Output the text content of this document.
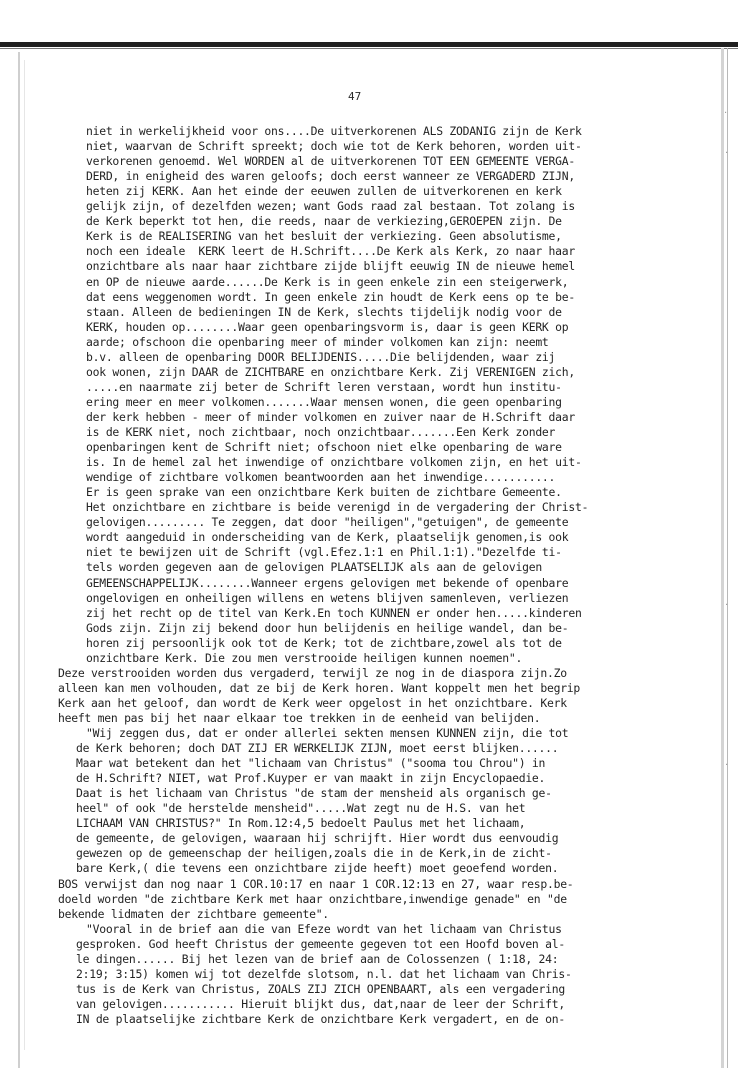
47
niet in werkelijkheid voor ons....De uitverkorenen ALS ZODANIG zijn de Kerk
niet, waarvan de Schrift spreekt; doch wie tot de Kerk behoren, worden uit-
verkorenen genoemd. Wel WORDEN al de uitverkorenen TOT EEN GEMEENTE VERGA-
DERD, in enigheid des waren geloofs; doch eerst wanneer ze VERGADERD ZIJN,
heten zij KERK. Aan het einde der eeuwen zullen de uitverkorenen en kerk
gelijk zijn, of dezelfden wezen; want Gods raad zal bestaan. Tot zolang is
de Kerk beperkt tot hen, die reeds, naar de verkiezing,GEROEPEN zijn. De
Kerk is de REALISERING van het besluit der verkiezing. Geen absolutisme,
noch een ideale  KERK leert de H.Schrift....De Kerk als Kerk, zo naar haar
onzichtbare als naar haar zichtbare zijde blijft eeuwig IN de nieuwe hemel
en OP de nieuwe aarde......De Kerk is in geen enkele zin een steigerwerk,
dat eens weggenomen wordt. In geen enkele zin houdt de Kerk eens op te be-
staan. Alleen de bedieningen IN de Kerk, slechts tijdelijk nodig voor de
KERK, houden op........Waar geen openbaringsvorm is, daar is geen KERK op
aarde; ofschoon die openbaring meer of minder volkomen kan zijn: neemt
b.v. alleen de openbaring DOOR BELIJDENIS.....Die belijdenden, waar zij
ook wonen, zijn DAAR de ZICHTBARE en onzichtbare Kerk. Zij VERENIGEN zich,
.....en naarmate zij beter de Schrift leren verstaan, wordt hun institu-
ering meer en meer volkomen.......Waar mensen wonen, die geen openbaring
der kerk hebben - meer of minder volkomen en zuiver naar de H.Schrift daar
is de KERK niet, noch zichtbaar, noch onzichtbaar.......Een Kerk zonder
openbaringen kent de Schrift niet; ofschoon niet elke openbaring de ware
is. In de hemel zal het inwendige of onzichtbare volkomen zijn, en het uit-
wendige of zichtbare volkomen beantwoorden aan het inwendige...........
Er is geen sprake van een onzichtbare Kerk buiten de zichtbare Gemeente.
Het onzichtbare en zichtbare is beide verenigd in de vergadering der Christ-
gelovigen......... Te zeggen, dat door "heiligen","getuigen", de gemeente
wordt aangeduid in onderscheiding van de Kerk, plaatselijk genomen,is ook
niet te bewijzen uit de Schrift (vgl.Efez.1:1 en Phil.1:1)."Dezelfde ti-
tels worden gegeven aan de gelovigen PLAATSELIJK als aan de gelovigen
GEMEENSCHAPPELIJK........Wanneer ergens gelovigen met bekende of openbare
ongelovigen en onheiligen willens en wetens blijven samenleven, verliezen
zij het recht op de titel van Kerk.En toch KUNNEN er onder hen.....kinderen
Gods zijn. Zijn zij bekend door hun belijdenis en heilige wandel, dan be-
horen zij persoonlijk ook tot de Kerk; tot de zichtbare,zowel als tot de
onzichtbare Kerk. Die zou men verstrooide heiligen kunnen noemen".
Deze verstrooiden worden dus vergaderd, terwijl ze nog in de diaspora zijn.Zo
alleen kan men volhouden, dat ze bij de Kerk horen. Want koppelt men het begrip
Kerk aan het geloof, dan wordt de Kerk weer opgelost in het onzichtbare. Kerk
heeft men pas bij het naar elkaar toe trekken in de eenheid van belijden.
"Wij zeggen dus, dat er onder allerlei sekten mensen KUNNEN zijn, die tot
de Kerk behoren; doch DAT ZIJ ER WERKELIJK ZIJN, moet eerst blijken......
Maar wat betekent dan het "lichaam van Christus" ("sooma tou Chrou") in
de H.Schrift? NIET, wat Prof.Kuyper er van maakt in zijn Encyclopaedie.
Daat is het lichaam van Christus "de stam der mensheid als organisch ge-
heel" of ook "de herstelde mensheid".....Wat zegt nu de H.S. van het
LICHAAM VAN CHRISTUS?" In Rom.12:4,5 bedoelt Paulus met het lichaam,
de gemeente, de gelovigen, waaraan hij schrijft. Hier wordt dus eenvoudig
gewezen op de gemeenschap der heiligen,zoals die in de Kerk,in de zicht-
bare Kerk,( die tevens een onzichtbare zijde heeft) moet geoefend worden.
BOS verwijst dan nog naar 1 COR.10:17 en naar 1 COR.12:13 en 27, waar resp.be-
doeld worden "de zichtbare Kerk met haar onzichtbare,inwendige genade" en "de
bekende lidmaten der zichtbare gemeente".
"Vooral in de brief aan die van Efeze wordt van het lichaam van Christus
gesproken. God heeft Christus der gemeente gegeven tot een Hoofd boven al-
le dingen...... Bij het lezen van de brief aan de Colossenzen ( 1:18, 24:
2:19; 3:15) komen wij tot dezelfde slotsom, n.l. dat het lichaam van Chris-
tus is de Kerk van Christus, ZOALS ZIJ ZICH OPENBAART, als een vergadering
van gelovigen........... Hieruit blijkt dus, dat,naar de leer der Schrift,
IN de plaatselijke zichtbare Kerk de onzichtbare Kerk vergadert, en de on-
·
·
·
·
